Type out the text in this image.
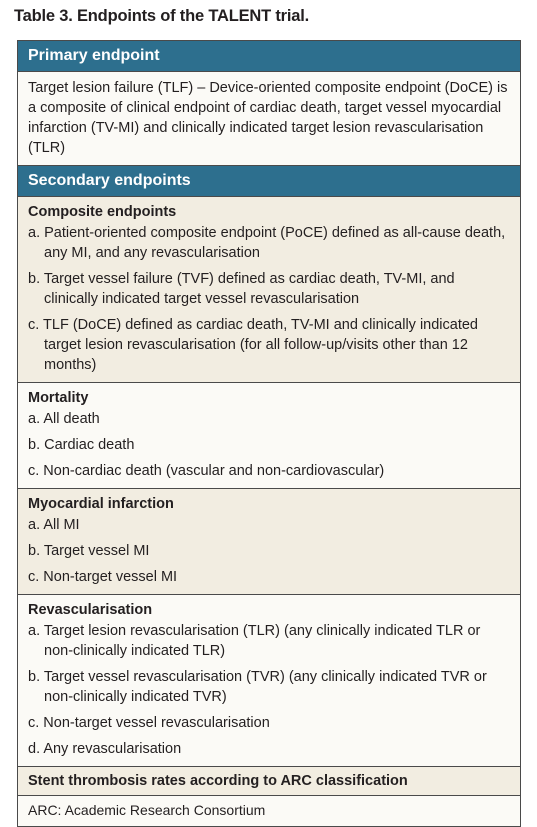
Table 3. Endpoints of the TALENT trial.
Primary endpoint
Target lesion failure (TLF) – Device-oriented composite endpoint (DoCE) is a composite of clinical endpoint of cardiac death, target vessel myocardial infarction (TV-MI) and clinically indicated target lesion revascularisation (TLR)
Secondary endpoints
Composite endpoints
a. Patient-oriented composite endpoint (PoCE) defined as all-cause death, any MI, and any revascularisation
b. Target vessel failure (TVF) defined as cardiac death, TV-MI, and clinically indicated target vessel revascularisation
c. TLF (DoCE) defined as cardiac death, TV-MI and clinically indicated target lesion revascularisation (for all follow-up/visits other than 12 months)
Mortality
a. All death
b. Cardiac death
c. Non-cardiac death (vascular and non-cardiovascular)
Myocardial infarction
a. All MI
b. Target vessel MI
c. Non-target vessel MI
Revascularisation
a. Target lesion revascularisation (TLR) (any clinically indicated TLR or non-clinically indicated TLR)
b. Target vessel revascularisation (TVR) (any clinically indicated TVR or non-clinically indicated TVR)
c. Non-target vessel revascularisation
d. Any revascularisation
Stent thrombosis rates according to ARC classification
ARC: Academic Research Consortium
